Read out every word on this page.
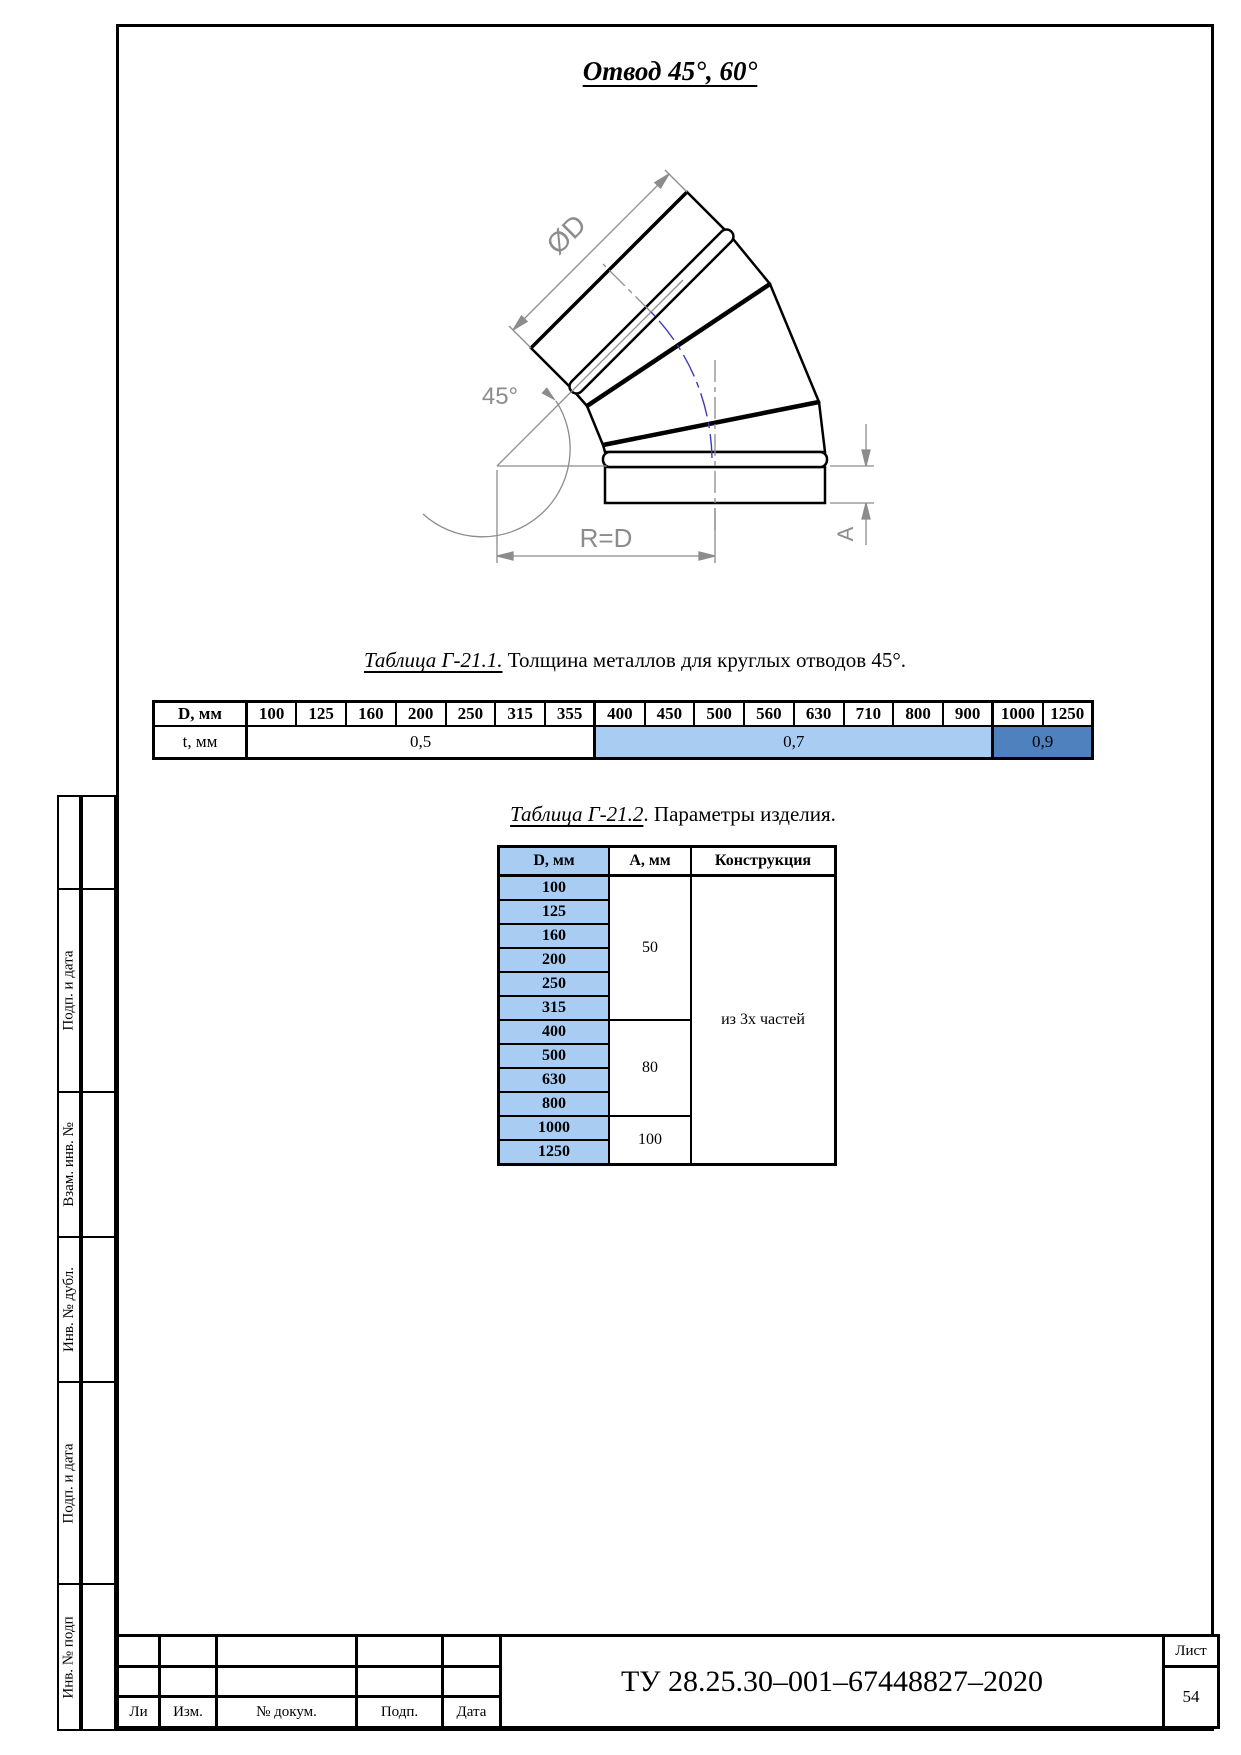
Подп. и дата
Взам. инв. №
Инв. № дубл.
Подп. и дата
Инв. № подп
Отвод 45°, 60°
ØD
45°
R=D	A
Таблица Г-21.1. Толщина металлов для круглых отводов 45°.
D, мм	100	125	160	200	250	315	355	400	450	500	560	630	710	800	900	1000	1250
t, мм	0,5							0,7								0,9	
Таблица Г-21.2. Параметры изделия.
D, мм	А, мм	Конструкция
100	50	из 3х частей
125		
160		
200		
250		
315		
400	80	
500		
630		
800		
1000	100	
1250		
					ТУ 28.25.30–001–67448827–2020	Лист
						54
Ли	Изм.	№ докум.	Подп.	Дата		
